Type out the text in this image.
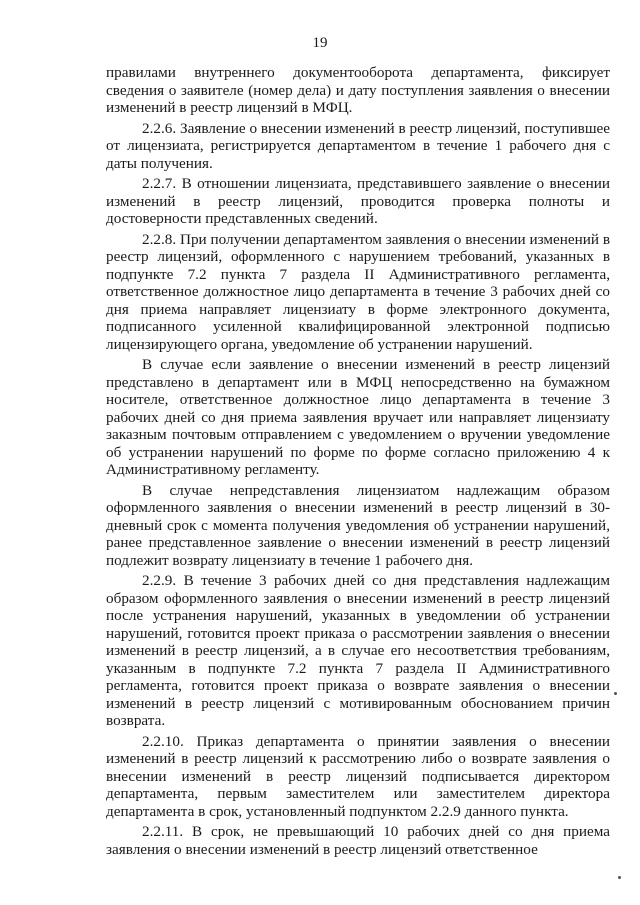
19

правилами внутреннего документооборота департамента, фиксирует сведения о заявителе (номер дела) и дату поступления заявления о внесении изменений в реестр лицензий в МФЦ.

2.2.6. Заявление о внесении изменений в реестр лицензий, поступившее от лицензиата, регистрируется департаментом в течение 1 рабочего дня с даты получения.

2.2.7. В отношении лицензиата, представившего заявление о внесении изменений в реестр лицензий, проводится проверка полноты и достоверности представленных сведений.

2.2.8. При получении департаментом заявления о внесении изменений в реестр лицензий, оформленного с нарушением требований, указанных в подпункте 7.2 пункта 7 раздела II Административного регламента, ответственное должностное лицо департамента в течение 3 рабочих дней со дня приема направляет лицензиату в форме электронного документа, подписанного усиленной квалифицированной электронной подписью лицензирующего органа, уведомление об устранении нарушений.

В случае если заявление о внесении изменений в реестр лицензий представлено в департамент или в МФЦ непосредственно на бумажном носителе, ответственное должностное лицо департамента в течение 3 рабочих дней со дня приема заявления вручает или направляет лицензиату заказным почтовым отправлением с уведомлением о вручении уведомление об устранении нарушений по форме по форме согласно приложению 4 к Административному регламенту.

В случае непредставления лицензиатом надлежащим образом оформленного заявления о внесении изменений в реестр лицензий в 30-дневный срок с момента получения уведомления об устранении нарушений, ранее представленное заявление о внесении изменений в реестр лицензий подлежит возврату лицензиату в течение 1 рабочего дня.

2.2.9. В течение 3 рабочих дней со дня представления надлежащим образом оформленного заявления о внесении изменений в реестр лицензий после устранения нарушений, указанных в уведомлении об устранении нарушений, готовится проект приказа о рассмотрении заявления о внесении изменений в реестр лицензий, а в случае его несоответствия требованиям, указанным в подпункте 7.2 пункта 7 раздела II Административного регламента, готовится проект приказа о возврате заявления о внесении изменений в реестр лицензий с мотивированным обоснованием причин возврата.

2.2.10. Приказ департамента о принятии заявления о внесении изменений в реестр лицензий к рассмотрению либо о возврате заявления о внесении изменений в реестр лицензий подписывается директором департамента, первым заместителем или заместителем директора департамента в срок, установленный подпунктом 2.2.9 данного пункта.

2.2.11. В срок, не превышающий 10 рабочих дней со дня приема заявления о внесении изменений в реестр лицензий ответственное
